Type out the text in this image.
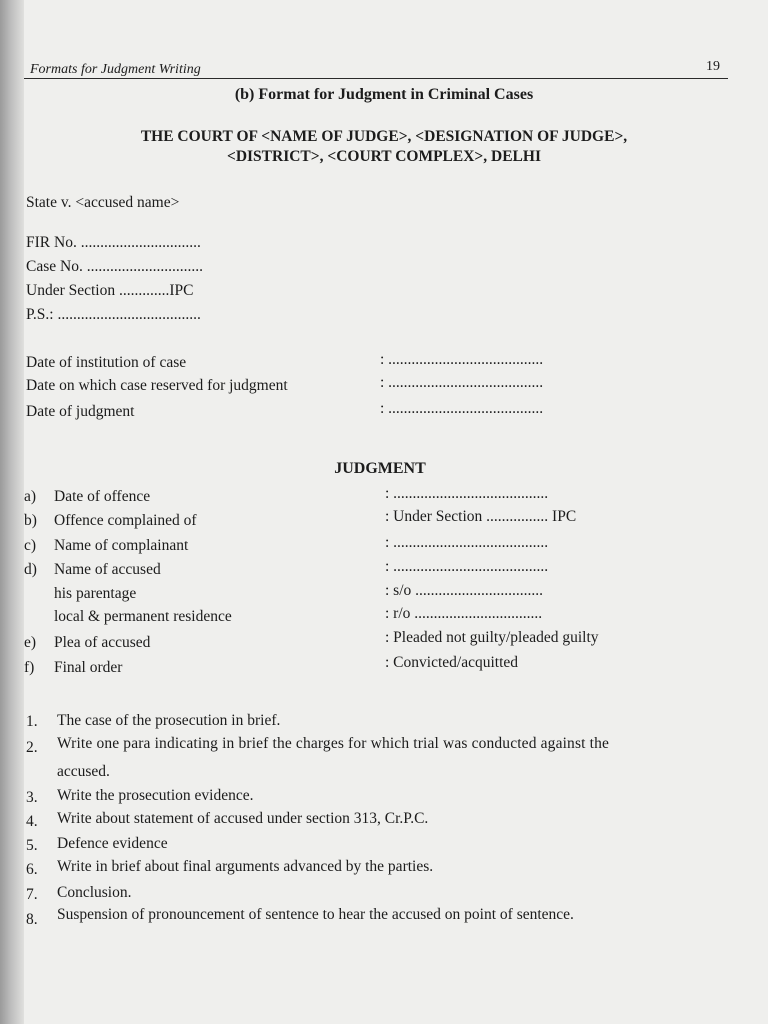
Formats for Judgment Writing	19
(b) Format for Judgment in Criminal Cases
THE COURT OF <NAME OF JUDGE>, <DESIGNATION OF JUDGE>,
<DISTRICT>, <COURT COMPLEX>, DELHI
State v. <accused name>
FIR No. ...............................
Case No. ..............................
Under Section .............IPC
P.S.: .....................................
Date of institution of case	: ........................................
Date on which case reserved for judgment	: ........................................
Date of judgment	: ........................................
JUDGMENT
a) Date of offence	: ........................................
b) Offence complained of	: Under Section ................ IPC
c) Name of complainant	: ........................................
d) Name of accused	: ........................................
his parentage	: s/o .................................
local & permanent residence	: r/o .................................
e) Plea of accused	: Pleaded not guilty/pleaded guilty
f) Final order	: Convicted/acquitted
1. The case of the prosecution in brief.
2. Write one para indicating in brief the charges for which trial was conducted against the
accused.
3. Write the prosecution evidence.
4. Write about statement of accused under section 313, Cr.P.C.
5. Defence evidence
6. Write in brief about final arguments advanced by the parties.
7. Conclusion.
8. Suspension of pronouncement of sentence to hear the accused on point of sentence.
